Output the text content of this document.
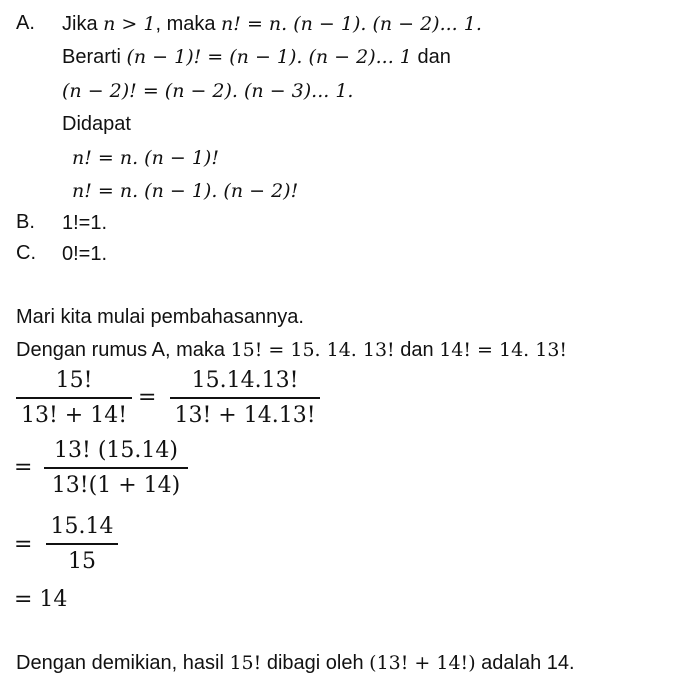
A.	Jika n > 1, maka n! = n. (n − 1). (n − 2)... 1.
Berarti (n − 1)! = (n − 1). (n − 2)... 1 dan
(n − 2)! = (n − 2). (n − 3)... 1.
Didapat
n! = n. (n − 1)!
n! = n. (n − 1). (n − 2)!
B.	1!=1.
C.	0!=1.
Mari kita mulai pembahasannya.
Dengan rumus A, maka 15! = 15. 14. 13! dan 14! = 14. 13!
15!
13! + 14!
=
15.14.13!
13! + 14.13!
=
13! (15.14)
13!(1 + 14)
=
15.14
15
= 14
Dengan demikian, hasil 15! dibagi oleh (13! + 14!) adalah 14.
